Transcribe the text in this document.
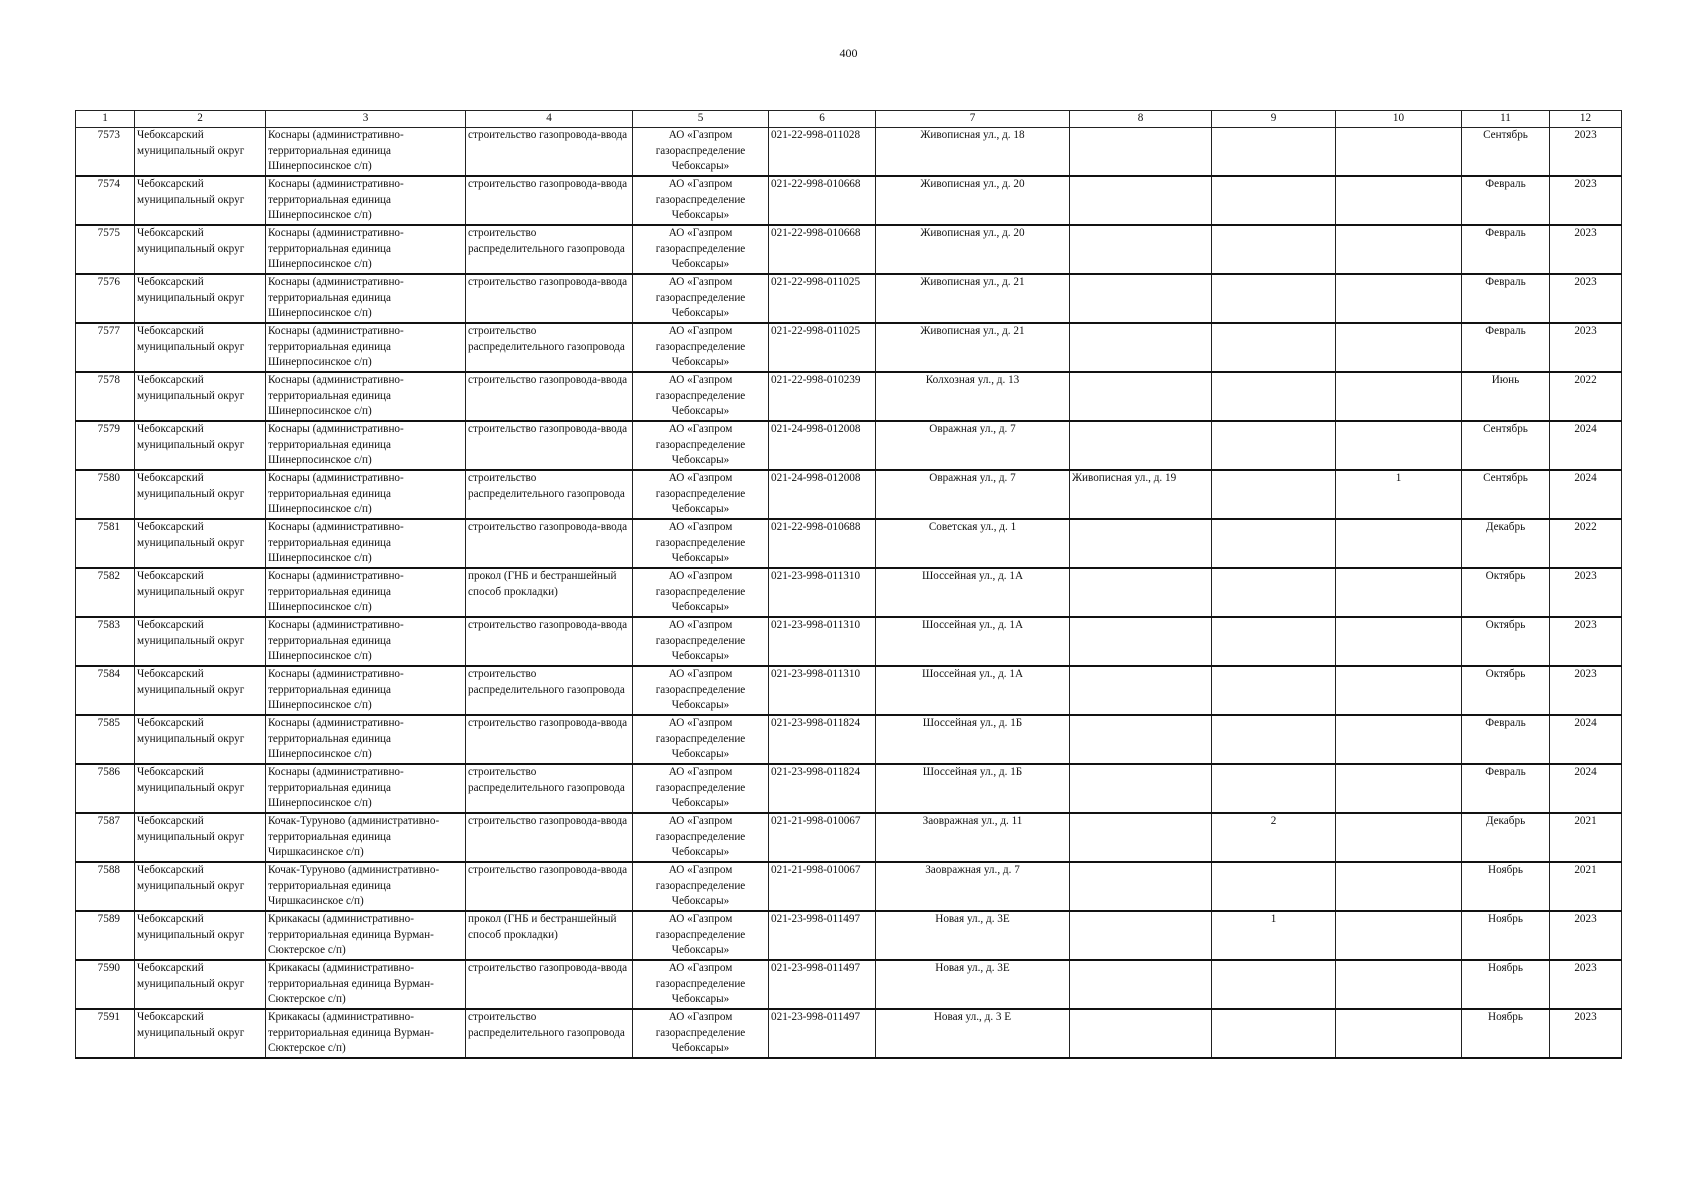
400
1	2	3	4	5	6	7	8	9	10	11	12
7573	Чебоксарский муниципальный округ	Коснары (административно-территориальная единица Шинерпосинское с/п)	строительство газопровода-ввода	АО «Газпром газораспределение Чебоксары»	021-22-998-011028	Живописная ул., д. 18				Сентябрь	2023
7574	Чебоксарский муниципальный округ	Коснары (административно-территориальная единица Шинерпосинское с/п)	строительство газопровода-ввода	АО «Газпром газораспределение Чебоксары»	021-22-998-010668	Живописная ул., д. 20				Февраль	2023
7575	Чебоксарский муниципальный округ	Коснары (административно-территориальная единица Шинерпосинское с/п)	строительство распределительного газопровода	АО «Газпром газораспределение Чебоксары»	021-22-998-010668	Живописная ул., д. 20				Февраль	2023
7576	Чебоксарский муниципальный округ	Коснары (административно-территориальная единица Шинерпосинское с/п)	строительство газопровода-ввода	АО «Газпром газораспределение Чебоксары»	021-22-998-011025	Живописная ул., д. 21				Февраль	2023
7577	Чебоксарский муниципальный округ	Коснары (административно-территориальная единица Шинерпосинское с/п)	строительство распределительного газопровода	АО «Газпром газораспределение Чебоксары»	021-22-998-011025	Живописная ул., д. 21				Февраль	2023
7578	Чебоксарский муниципальный округ	Коснары (административно-территориальная единица Шинерпосинское с/п)	строительство газопровода-ввода	АО «Газпром газораспределение Чебоксары»	021-22-998-010239	Колхозная ул., д. 13				Июнь	2022
7579	Чебоксарский муниципальный округ	Коснары (административно-территориальная единица Шинерпосинское с/п)	строительство газопровода-ввода	АО «Газпром газораспределение Чебоксары»	021-24-998-012008	Овражная ул., д. 7				Сентябрь	2024
7580	Чебоксарский муниципальный округ	Коснары (административно-территориальная единица Шинерпосинское с/п)	строительство распределительного газопровода	АО «Газпром газораспределение Чебоксары»	021-24-998-012008	Овражная ул., д. 7	Живописная ул., д. 19		1	Сентябрь	2024
7581	Чебоксарский муниципальный округ	Коснары (административно-территориальная единица Шинерпосинское с/п)	строительство газопровода-ввода	АО «Газпром газораспределение Чебоксары»	021-22-998-010688	Советская ул., д. 1				Декабрь	2022
7582	Чебоксарский муниципальный округ	Коснары (административно-территориальная единица Шинерпосинское с/п)	прокол (ГНБ и бестраншейный способ прокладки)	АО «Газпром газораспределение Чебоксары»	021-23-998-011310	Шоссейная ул., д. 1А				Октябрь	2023
7583	Чебоксарский муниципальный округ	Коснары (административно-территориальная единица Шинерпосинское с/п)	строительство газопровода-ввода	АО «Газпром газораспределение Чебоксары»	021-23-998-011310	Шоссейная ул., д. 1А				Октябрь	2023
7584	Чебоксарский муниципальный округ	Коснары (административно-территориальная единица Шинерпосинское с/п)	строительство распределительного газопровода	АО «Газпром газораспределение Чебоксары»	021-23-998-011310	Шоссейная ул., д. 1А				Октябрь	2023
7585	Чебоксарский муниципальный округ	Коснары (административно-территориальная единица Шинерпосинское с/п)	строительство газопровода-ввода	АО «Газпром газораспределение Чебоксары»	021-23-998-011824	Шоссейная ул., д. 1Б				Февраль	2024
7586	Чебоксарский муниципальный округ	Коснары (административно-территориальная единица Шинерпосинское с/п)	строительство распределительного газопровода	АО «Газпром газораспределение Чебоксары»	021-23-998-011824	Шоссейная ул., д. 1Б				Февраль	2024
7587	Чебоксарский муниципальный округ	Кочак-Туруново (административно-территориальная единица Чиршкасинское с/п)	строительство газопровода-ввода	АО «Газпром газораспределение Чебоксары»	021-21-998-010067	Заовражная ул., д. 11		2		Декабрь	2021
7588	Чебоксарский муниципальный округ	Кочак-Туруново (административно-территориальная единица Чиршкасинское с/п)	строительство газопровода-ввода	АО «Газпром газораспределение Чебоксары»	021-21-998-010067	Заовражная ул., д. 7				Ноябрь	2021
7589	Чебоксарский муниципальный округ	Крикакасы (административно-территориальная единица Вурман-Сюктерское с/п)	прокол (ГНБ и бестраншейный способ прокладки)	АО «Газпром газораспределение Чебоксары»	021-23-998-011497	Новая ул., д. 3Е		1		Ноябрь	2023
7590	Чебоксарский муниципальный округ	Крикакасы (административно-территориальная единица Вурман-Сюктерское с/п)	строительство газопровода-ввода	АО «Газпром газораспределение Чебоксары»	021-23-998-011497	Новая ул., д. 3Е				Ноябрь	2023
7591	Чебоксарский муниципальный округ	Крикакасы (административно-территориальная единица Вурман-Сюктерское с/п)	строительство распределительного газопровода	АО «Газпром газораспределение Чебоксары»	021-23-998-011497	Новая ул., д. 3 Е				Ноябрь	2023
